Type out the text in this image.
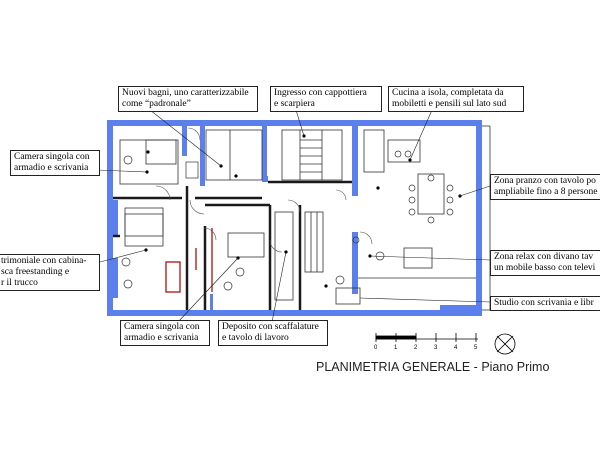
Nuovi bagni, uno caratterizzabile
come “padronale”
Ingresso con cappottiera
e scarpiera
Cucina a isola, completata da
mobiletti e pensili sul lato sud
Camera singola con
armadio e scrivania
Zona pranzo con tavolo po
ampliabile fino a 8 persone
trimoniale con cabina-
sca freestanding e
r il trucco
Zona relax con divano tav
un mobile basso con televi
Studio con scrivania e libr
Camera singola con
armadio e scrivania
Deposito con scaffalature
e tavolo di lavoro
0	1	2	3	4	5
PLANIMETRIA GENERALE - Piano Primo
